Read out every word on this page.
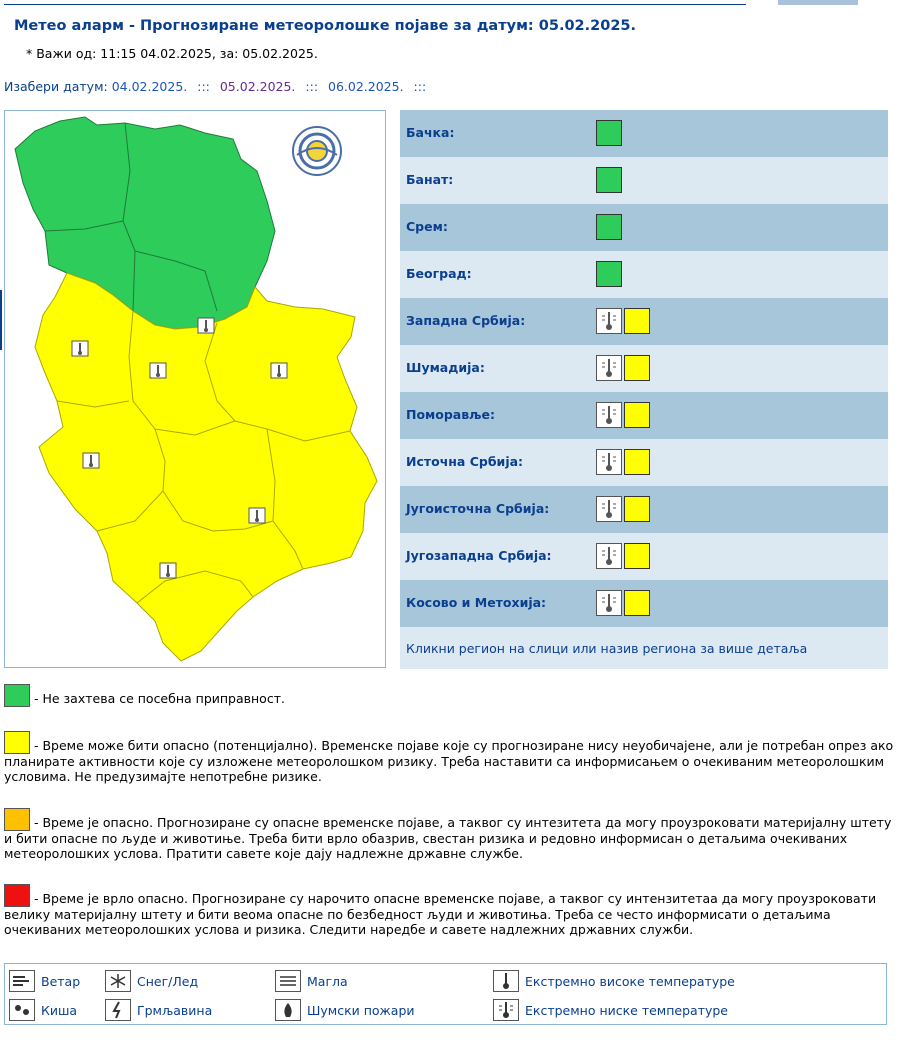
Метео аларм - Прогнозиране метеоролошке појаве за датум: 05.02.2025.
* Важи од: 11:15 04.02.2025, за: 05.02.2025.
Изабери датум: 04.02.2025. ::: 05.02.2025. ::: 06.02.2025. :::
Бачка:
Банат:
Срем:
Београд:
Западна Србија:
Шумадија:
Поморавље:
Источна Србија:
Југоисточна Србија:
Југозападна Србија:
Косово и Метохија:
Кликни регион на слици или назив региона за више детаља
- Не захтева се посебна приправност.
- Време може бити опасно (потенцијално). Временске појаве које су прогнозиране нису неуобичајене, али је потребан опрез ако планирате активности које су изложене метеоролошком ризику. Треба наставити са информисањем о очекиваним метеоролошким условима. Не предузимајте непотребне ризике.
- Време је опасно. Прогнозиране су опасне временске појаве, а таквог су интезитета да могу проузроковати материјалну штету и бити опасне по људе и животиње. Треба бити врло обазрив, свестан ризика и редовно информисан о детаљима очекиваних метеоролошких услова. Пратити савете које дају надлежне државне службе.
- Време је врло опасно. Прогнозиране су нарочито опасне временске појаве, а таквог су интензитетаа да могу проузроковати велику материјалну штету и бити веома опасне по безбедност људи и животиња. Треба се често информисати о детаљима очекиваних метеоролошких услова и ризика. Следити наредбе и савете надлежних државних служби.
Ветар	Снег/Лед	Магла	Екстремно високе температуре
Киша	Грмљавина	Шумски пожари	Екстремно ниске температуре
